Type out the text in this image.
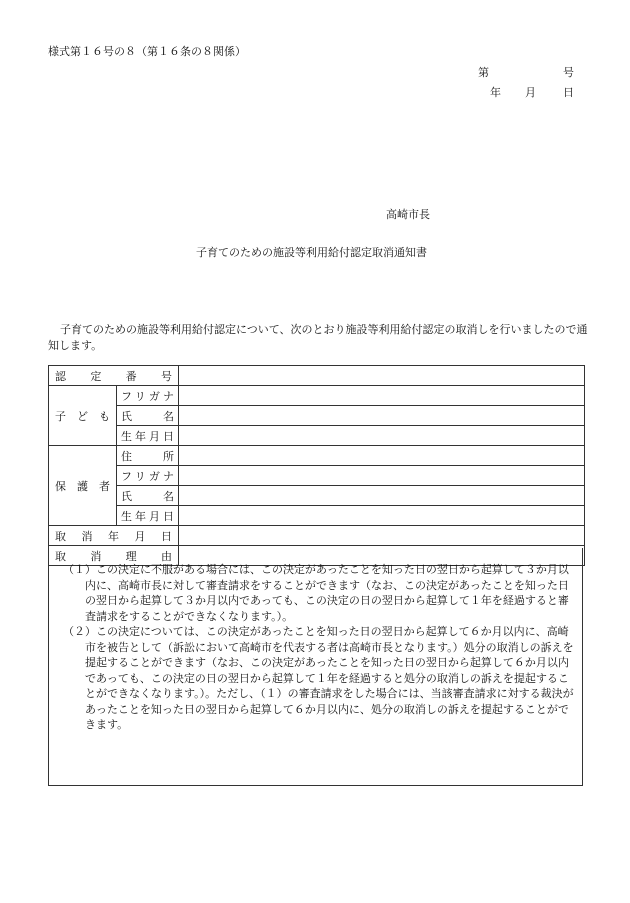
様式第１６号の８（第１６条の８関係）
第	号
年 月 日
高崎市長
子育てのための施設等利用給付認定取消通知書
子育てのための施設等利用給付認定について、次のとおり施設等利用給付認定の取消しを行いましたので通知します。
認定番号		
子ども	フリガナ	
	氏名	
	生年月日	
保護者	住所	
	フリガナ	
	氏名	
	生年月日	
取消年月日		
取消理由		

（１）この決定に不服がある場合には、この決定があったことを知った日の翌日から起算して３か月以内に、高崎市長に対して審査請求をすることができます（なお、この決定があったことを知った日の翌日から起算して３か月以内であっても、この決定の日の翌日から起算して１年を経過すると審査請求をすることができなくなります。）。

（２）この決定については、この決定があったことを知った日の翌日から起算して６か月以内に、高崎市を被告として（訴訟において高崎市を代表する者は高崎市長となります。）処分の取消しの訴えを提起することができます（なお、この決定があったことを知った日の翌日から起算して６か月以内であっても、この決定の日の翌日から起算して１年を経過すると処分の取消しの訴えを提起することができなくなります。）。ただし、（１）の審査請求をした場合には、当該審査請求に対する裁決があったことを知った日の翌日から起算して６か月以内に、処分の取消しの訴えを提起することができます。
